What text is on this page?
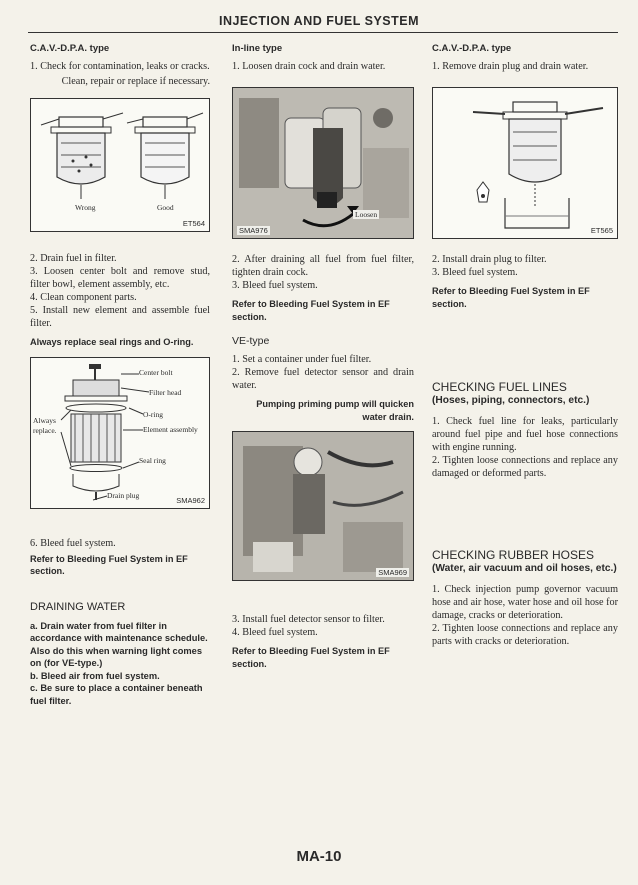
INJECTION AND FUEL SYSTEM
C.A.V.-D.P.A. type

1. Check for contamination, leaks or cracks.

Clean, repair or replace if necessary.

Wrong	Good
ET564

2. Drain fuel in filter.

3. Loosen center bolt and remove stud, filter bowl, element assembly, etc.

4. Clean component parts.

5. Install new element and assemble fuel filter.

Always replace seal rings and O-ring.
Center bolt
Filter head
Always replace.
O-ring
Element assembly
Seal ring
Drain plug
SMA962

6. Bleed fuel system.

Refer to Bleeding Fuel System in EF section.
DRAINING WATER

a. Drain water from fuel filter in accordance with maintenance schedule. Also do this when warning light comes on (for VE-type.)

b. Bleed air from fuel system.

c. Be sure to place a container beneath fuel filter.

In-line type

1. Loosen drain cock and drain water.

Loosen
SMA976

2. After draining all fuel from fuel filter, tighten drain cock.

3. Bleed fuel system.

Refer to Bleeding Fuel System in EF section.
VE-type

1. Set a container under fuel filter.

2. Remove fuel detector sensor and drain water.

Pumping priming pump will quicken water drain.
SMA969

3. Install fuel detector sensor to filter.

4. Bleed fuel system.

Refer to Bleeding Fuel System in EF section.
C.A.V.-D.P.A. type

1. Remove drain plug and drain water.

ET565

2. Install drain plug to filter.

3. Bleed fuel system.

Refer to Bleeding Fuel System in EF section.
CHECKING FUEL LINES
(Hoses, piping, connectors, etc.)

1. Check fuel line for leaks, particularly around fuel pipe and fuel hose connections with engine running.

2. Tighten loose connections and replace any damaged or deformed parts.

CHECKING RUBBER HOSES
(Water, air vacuum and oil hoses, etc.)

1. Check injection pump governor vacuum hose and air hose, water hose and oil hose for damage, cracks or deterioration.

2. Tighten loose connections and replace any parts with cracks or deterioration.

MA-10
